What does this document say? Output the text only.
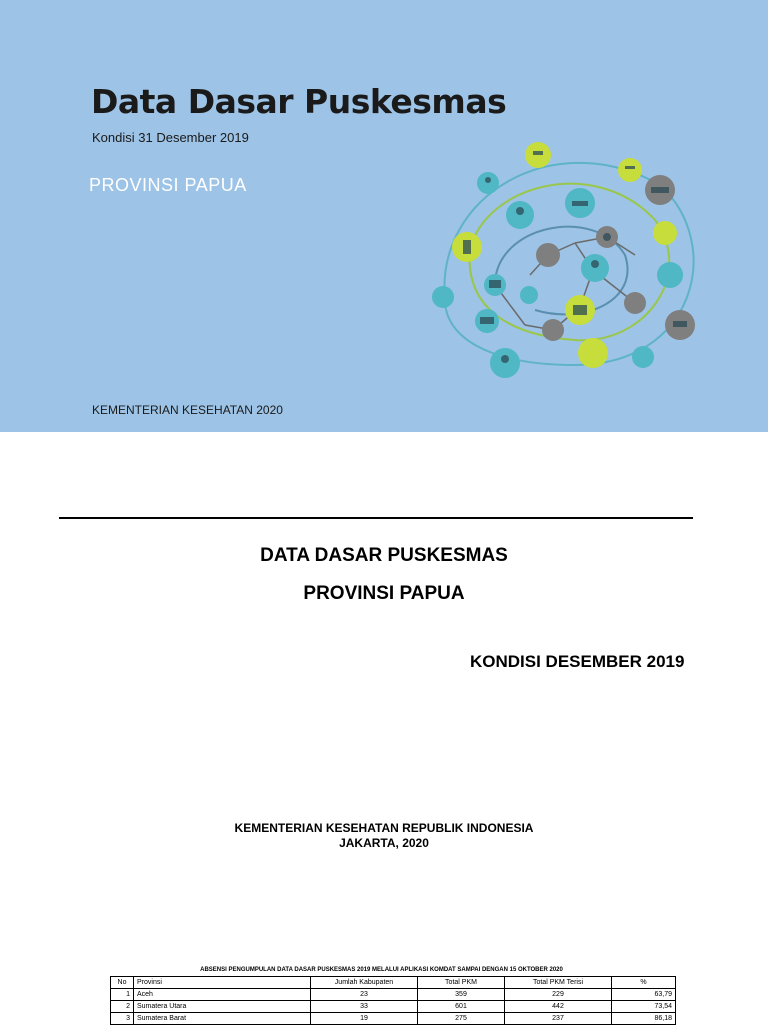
Data Dasar Puskesmas
Kondisi 31 Desember 2019
PROVINSI PAPUA
KEMENTERIAN KESEHATAN 2020
DATA DASAR PUSKESMAS
PROVINSI PAPUA
KONDISI DESEMBER 2019
KEMENTERIAN KESEHATAN REPUBLIK INDONESIA
JAKARTA, 2020
ABSENSI PENGUMPULAN DATA DASAR PUSKESMAS 2019 MELALUI APLIKASI KOMDAT SAMPAI DENGAN 15 OKTOBER 2020
No	Provinsi	Jumlah Kabupaten	Total PKM	Total PKM Terisi	%
1	Aceh	23	359	229	63,79
2	Sumatera Utara	33	601	442	73,54
3	Sumatera Barat	19	275	237	86,18
